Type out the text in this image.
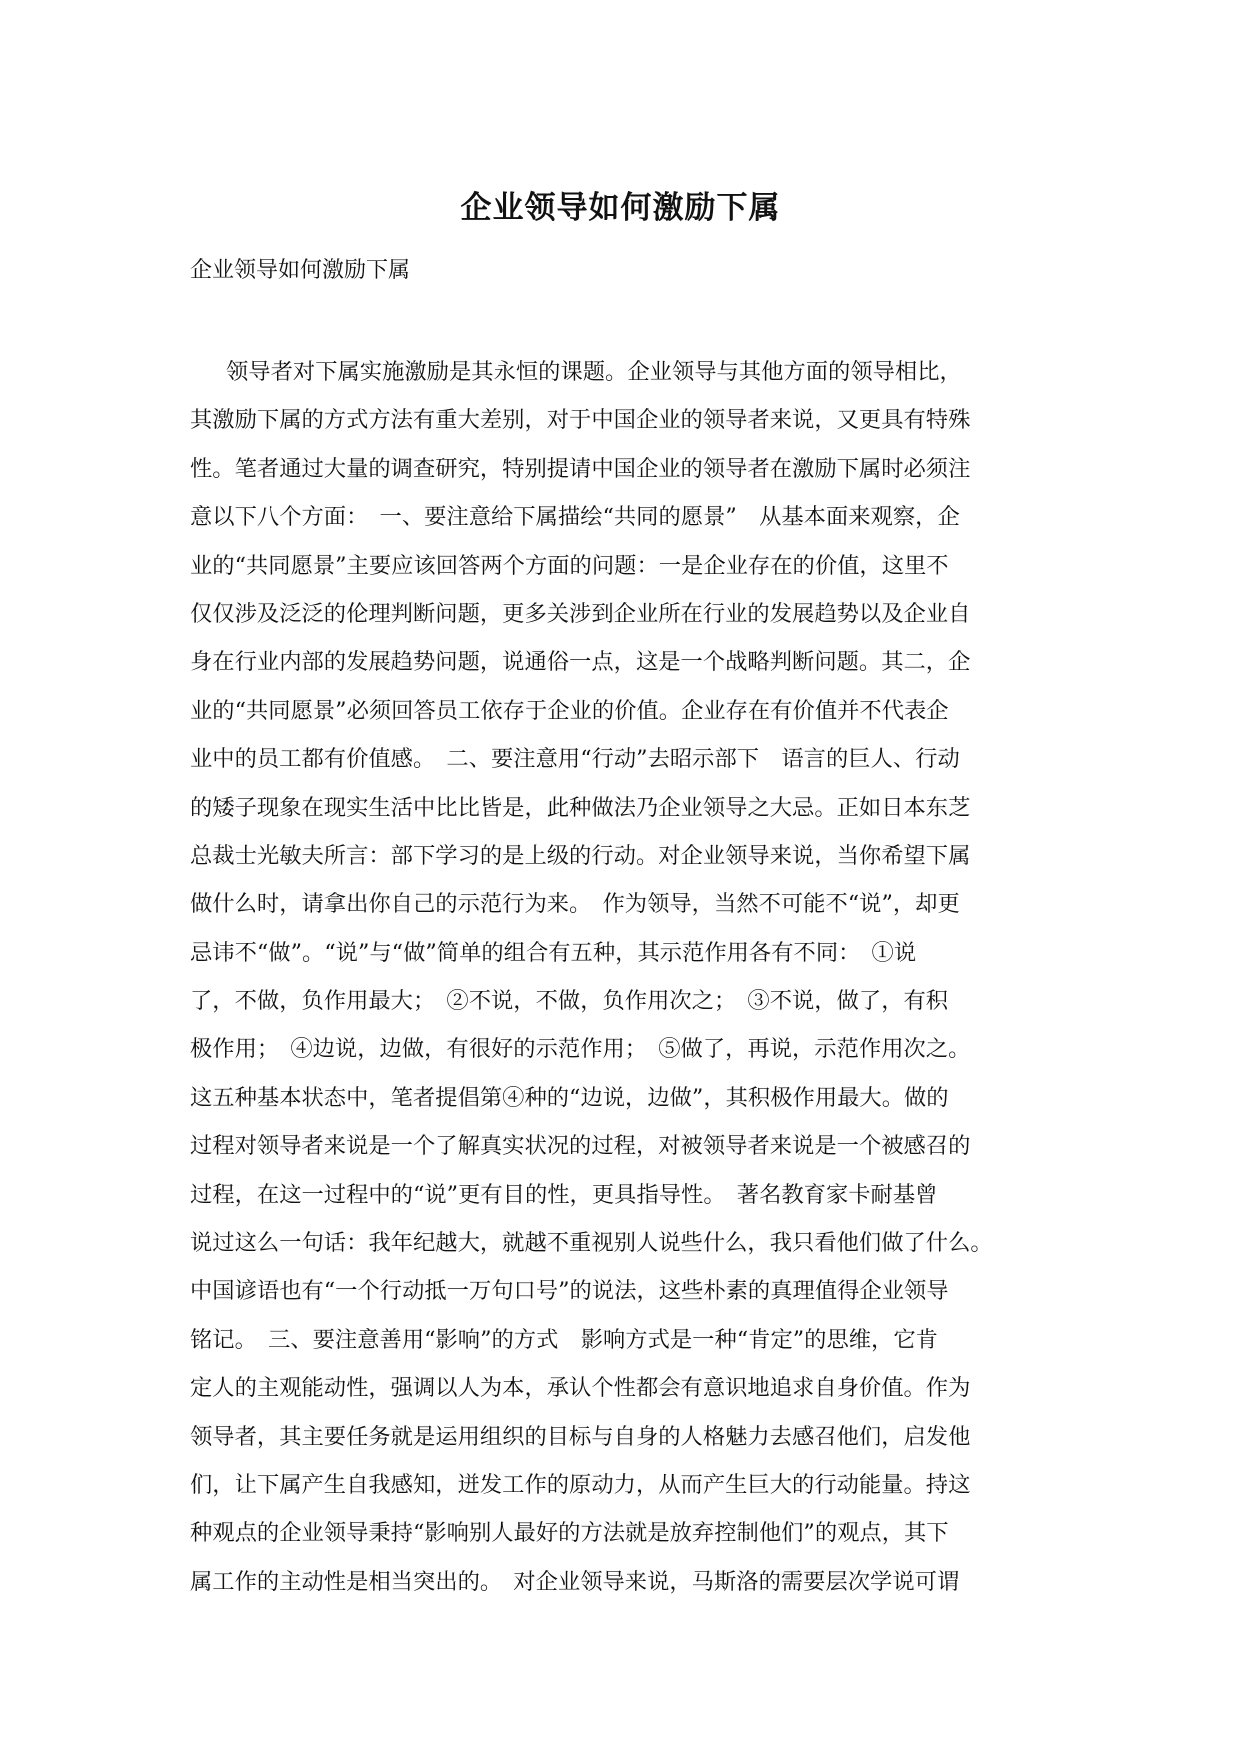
企业领导如何激励下属
企业领导如何激励下属
领导者对下属实施激励是其永恒的课题。企业领导与其他方面的领导相比，
其激励下属的方式方法有重大差别，对于中国企业的领导者来说，又更具有特殊
性。笔者通过大量的调查研究，特别提请中国企业的领导者在激励下属时必须注
意以下八个方面：　一、要注意给下属描绘“共同的愿景”　从基本面来观察，企
业的“共同愿景”主要应该回答两个方面的问题：一是企业存在的价值，这里不
仅仅涉及泛泛的伦理判断问题，更多关涉到企业所在行业的发展趋势以及企业自
身在行业内部的发展趋势问题，说通俗一点，这是一个战略判断问题。其二，企
业的“共同愿景”必须回答员工依存于企业的价值。企业存在有价值并不代表企
业中的员工都有价值感。　二、要注意用“行动”去昭示部下　语言的巨人、行动
的矮子现象在现实生活中比比皆是，此种做法乃企业领导之大忌。正如日本东芝
总裁士光敏夫所言：部下学习的是上级的行动。对企业领导来说，当你希望下属
做什么时，请拿出你自己的示范行为来。　作为领导，当然不可能不“说”，却更
忌讳不“做”。“说”与“做”简单的组合有五种，其示范作用各有不同：　①说
了，不做，负作用最大；　②不说，不做，负作用次之；　③不说，做了，有积
极作用；　④边说，边做，有很好的示范作用；　⑤做了，再说，示范作用次之。
这五种基本状态中，笔者提倡第④种的“边说，边做”，其积极作用最大。做的
过程对领导者来说是一个了解真实状况的过程，对被领导者来说是一个被感召的
过程，在这一过程中的“说”更有目的性，更具指导性。　著名教育家卡耐基曾
说过这么一句话：我年纪越大，就越不重视别人说些什么，我只看他们做了什么。
中国谚语也有“一个行动抵一万句口号”的说法，这些朴素的真理值得企业领导
铭记。　三、要注意善用“影响”的方式　影响方式是一种“肯定”的思维，它肯
定人的主观能动性，强调以人为本，承认个性都会有意识地追求自身价值。作为
领导者，其主要任务就是运用组织的目标与自身的人格魅力去感召他们，启发他
们，让下属产生自我感知，迸发工作的原动力，从而产生巨大的行动能量。持这
种观点的企业领导秉持“影响别人最好的方法就是放弃控制他们”的观点，其下
属工作的主动性是相当突出的。　对企业领导来说，马斯洛的需要层次学说可谓
